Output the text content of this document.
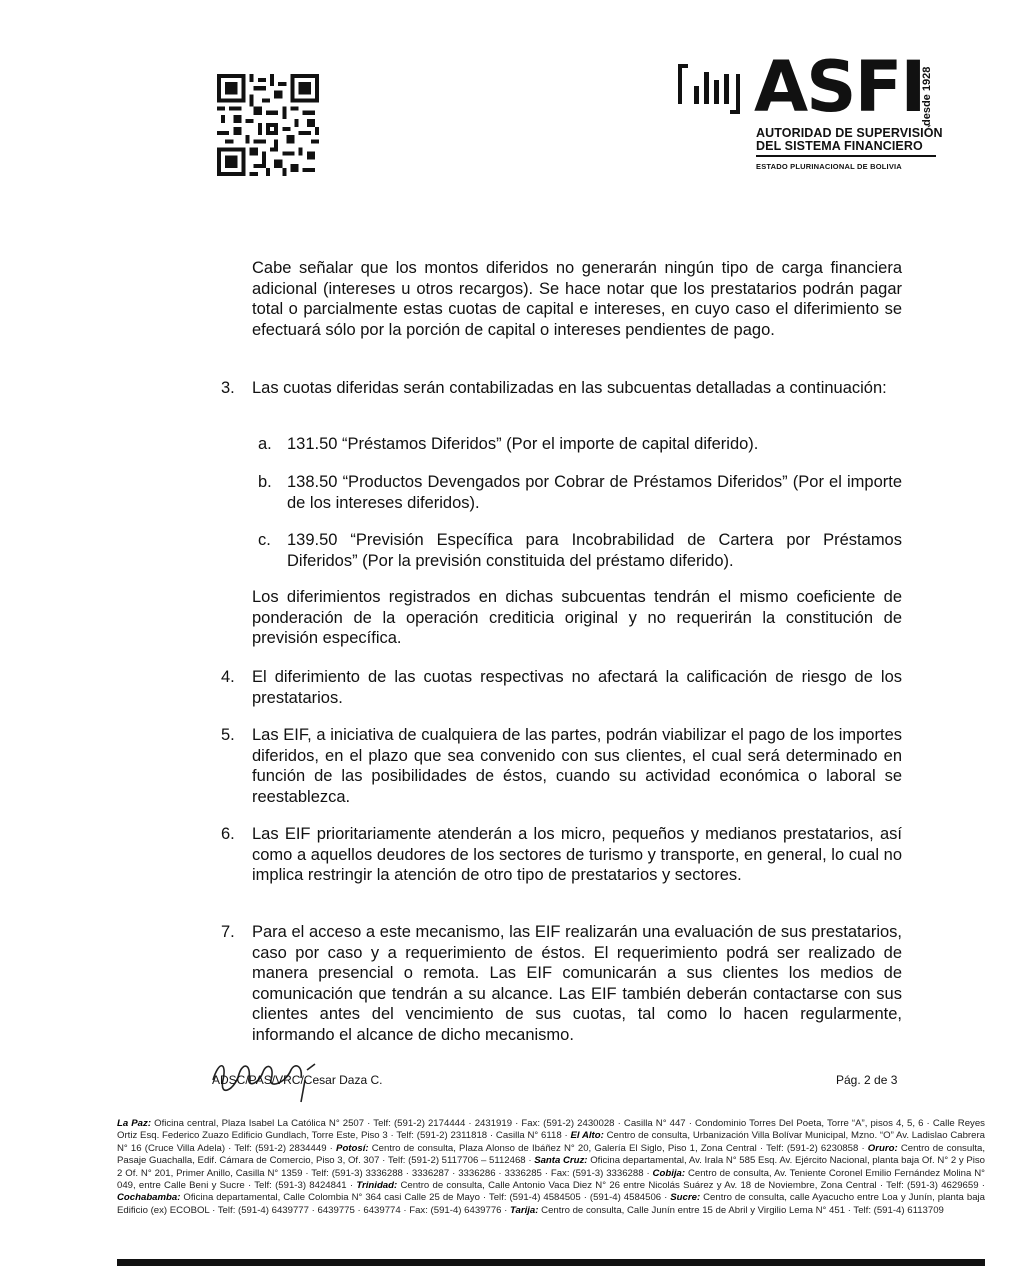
ASFI
desde 1928
AUTORIDAD DE SUPERVISIÓN
DEL SISTEMA FINANCIERO
ESTADO PLURINACIONAL DE BOLIVIA
Cabe señalar que los montos diferidos no generarán ningún tipo de carga financiera adicional (intereses u otros recargos). Se hace notar que los prestatarios podrán pagar total o parcialmente estas cuotas de capital e intereses, en cuyo caso el diferimiento se efectuará sólo por la porción de capital o intereses pendientes de pago.
3. Las cuotas diferidas serán contabilizadas en las subcuentas detalladas a continuación:
a. 131.50 “Préstamos Diferidos” (Por el importe de capital diferido).
b. 138.50 “Productos Devengados por Cobrar de Préstamos Diferidos” (Por el importe de los intereses diferidos).
c. 139.50 “Previsión Específica para Incobrabilidad de Cartera por Préstamos Diferidos” (Por la previsión constituida del préstamo diferido).
Los diferimientos registrados en dichas subcuentas tendrán el mismo coeficiente de ponderación de la operación crediticia original y no requerirán la constitución de previsión específica.
4. El diferimiento de las cuotas respectivas no afectará la calificación de riesgo de los prestatarios.
5. Las EIF, a iniciativa de cualquiera de las partes, podrán viabilizar el pago de los importes diferidos, en el plazo que sea convenido con sus clientes, el cual será determinado en función de las posibilidades de éstos, cuando su actividad económica o laboral se reestablezca.
6. Las EIF prioritariamente atenderán a los micro, pequeños y medianos prestatarios, así como a aquellos deudores de los sectores de turismo y transporte, en general, lo cual no implica restringir la atención de otro tipo de prestatarios y sectores.
7. Para el acceso a este mecanismo, las EIF realizarán una evaluación de sus prestatarios, caso por caso y a requerimiento de éstos. El requerimiento podrá ser realizado de manera presencial o remota. Las EIF comunicarán a sus clientes los medios de comunicación que tendrán a su alcance. Las EIF también deberán contactarse con sus clientes antes del vencimiento de sus cuotas, tal como lo hacen regularmente, informando el alcance de dicho mecanismo.
ADSC/PAS/VRC/Cesar Daza C.	Pág. 2 de 3
La Paz: Oficina central, Plaza Isabel La Católica N° 2507 · Telf: (591-2) 2174444 · 2431919 · Fax: (591-2) 2430028 · Casilla N° 447 · Condominio Torres Del Poeta, Torre “A”, pisos 4, 5, 6 · Calle Reyes Ortiz Esq. Federico Zuazo Edificio Gundlach, Torre Este, Piso 3 · Telf: (591-2) 2311818 · Casilla N° 6118 · El Alto: Centro de consulta, Urbanización Villa Bolívar Municipal, Mzno. “O” Av. Ladislao Cabrera N° 16 (Cruce Villa Adela) · Telf: (591-2) 2834449 · Potosí: Centro de consulta, Plaza Alonso de Ibáñez N° 20, Galería El Siglo, Piso 1, Zona Central · Telf: (591-2) 6230858 · Oruro: Centro de consulta, Pasaje Guachalla, Edif. Cámara de Comercio, Piso 3, Of. 307 · Telf: (591-2) 5117706 – 5112468 · Santa Cruz: Oficina departamental, Av. Irala N° 585 Esq. Av. Ejército Nacional, planta baja Of. N° 2 y Piso 2 Of. N° 201, Primer Anillo, Casilla N° 1359 · Telf: (591-3) 3336288 · 3336287 · 3336286 · 3336285 · Fax: (591-3) 3336288 · Cobija: Centro de consulta, Av. Teniente Coronel Emilio Fernández Molina N° 049, entre Calle Beni y Sucre · Telf: (591-3) 8424841 · Trinidad: Centro de consulta, Calle Antonio Vaca Diez N° 26 entre Nicolás Suárez y Av. 18 de Noviembre, Zona Central · Telf: (591-3) 4629659 · Cochabamba: Oficina departamental, Calle Colombia N° 364 casi Calle 25 de Mayo · Telf: (591-4) 4584505 · (591-4) 4584506 · Sucre: Centro de consulta, calle Ayacucho entre Loa y Junín, planta baja Edificio (ex) ECOBOL · Telf: (591-4) 6439777 · 6439775 · 6439774 · Fax: (591-4) 6439776 · Tarija: Centro de consulta, Calle Junín entre 15 de Abril y Virgilio Lema N° 451 · Telf: (591-4) 6113709
